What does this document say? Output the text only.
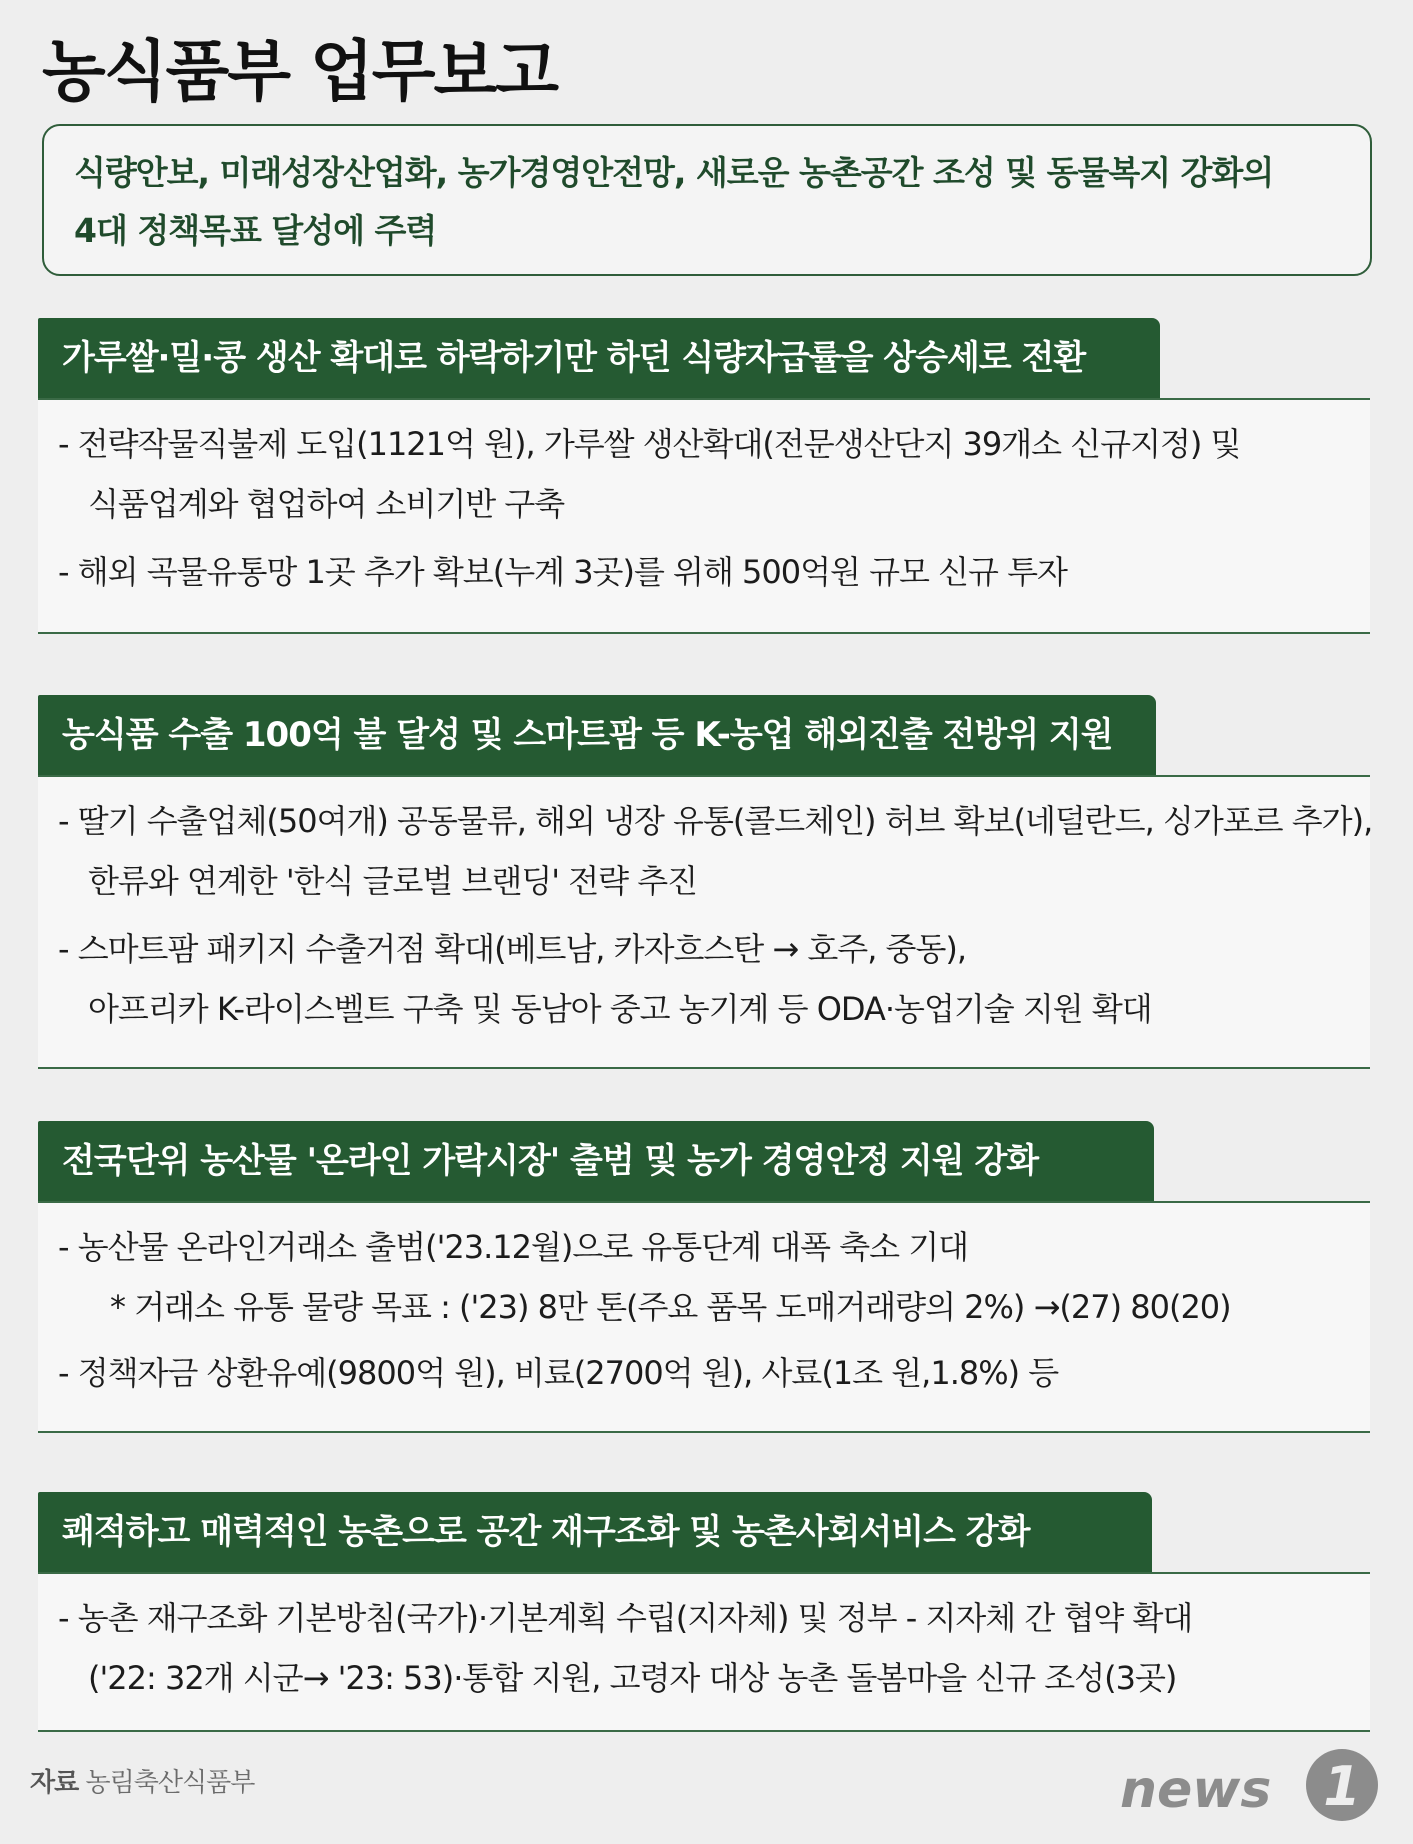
농식품부 업무보고

식량안보, 미래성장산업화, 농가경영안전망, 새로운 농촌공간 조성 및 동물복지 강화의

4대 정책목표 달성에 주력

가루쌀·밀·콩 생산 확대로 하락하기만 하던 식량자급률을 상승세로 전환
- 전략작물직불제 도입(1121억 원), 가루쌀 생산확대(전문생산단지 39개소 신규지정) 및
식품업계와 협업하여 소비기반 구축
- 해외 곡물유통망 1곳 추가 확보(누계 3곳)를 위해 500억원 규모 신규 투자
농식품 수출 100억 불 달성 및 스마트팜 등 K-농업 해외진출 전방위 지원
- 딸기 수출업체(50여개) 공동물류, 해외 냉장 유통(콜드체인) 허브 확보(네덜란드, 싱가포르 추가),
한류와 연계한 '한식 글로벌 브랜딩' 전략 추진
- 스마트팜 패키지 수출거점 확대(베트남, 카자흐스탄 → 호주, 중동),
아프리카 K-라이스벨트 구축 및 동남아 중고 농기계 등 ODA·농업기술 지원 확대
전국단위 농산물 '온라인 가락시장' 출범 및 농가 경영안정 지원 강화
- 농산물 온라인거래소 출범('23.12월)으로 유통단계 대폭 축소 기대
* 거래소 유통 물량 목표 : ('23) 8만 톤(주요 품목 도매거래량의 2%) →(27) 80(20)
- 정책자금 상환유예(9800억 원), 비료(2700억 원), 사료(1조 원,1.8%) 등
쾌적하고 매력적인 농촌으로 공간 재구조화 및 농촌사회서비스 강화
- 농촌 재구조화 기본방침(국가)·기본계획 수립(지자체) 및 정부 - 지자체 간 협약 확대
('22: 32개 시군→ '23: 53)·통합 지원, 고령자 대상 농촌 돌봄마을 신규 조성(3곳)
자료 농림축산식품부	news 1
